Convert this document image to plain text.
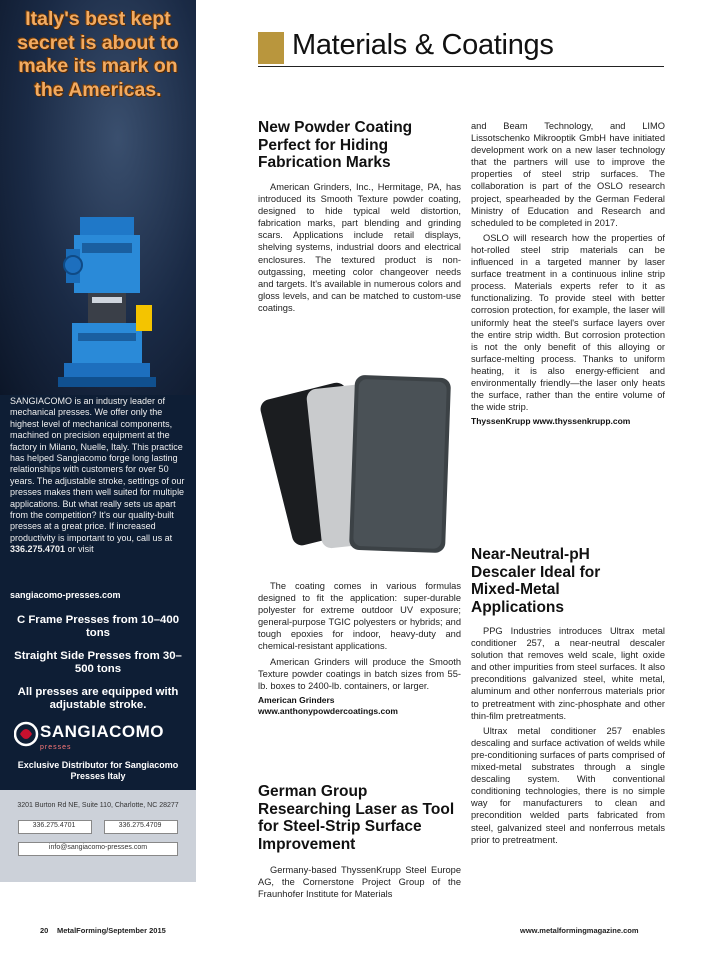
Italy's best kept secret is about to make its mark on the Americas.
SANGIACOMO is an industry leader of mechanical presses. We offer only the highest level of mechanical components, machined on precision equipment at the factory in Milano, Nuelle, Italy. This practice has helped Sangiacomo forge long lasting relationships with customers for over 50 years. The adjustable stroke, settings of our presses makes them well suited for multiple applications. But what really sets us apart from the competition? It's our quality-built presses at a great price. If increased productivity is important to you, call us at 336.275.4701 or visit
sangiacomo-presses.com
C Frame Presses from 10–400 tons
Straight Side Presses from 30–500 tons
All presses are equipped with adjustable stroke.
SANGIACOMO
presses
Exclusive Distributor for Sangiacomo Presses Italy
3201 Burton Rd NE, Suite 110, Charlotte, NC 28277
336.275.4701	336.275.4709
info@sangiacomo-presses.com
Materials & Coatings
New Powder Coating Perfect for Hiding Fabrication Marks

American Grinders, Inc., Hermitage, PA, has introduced its Smooth Texture powder coating, designed to hide typical weld distortion, fabrication marks, part blending and grinding scars. Applications include retail displays, shelving systems, industrial doors and electrical enclosures. The textured product is non-outgassing, meeting color changeover needs and targets. It's available in numerous colors and gloss levels, and can be matched to custom-use coatings.

The coating comes in various formulas designed to fit the application: super-durable polyester for extreme outdoor UV exposure; general-purpose TGIC polyesters or hybrids; and tough epoxies for indoor, heavy-duty and chemical-resistant applications.

American Grinders will produce the Smooth Texture powder coatings in batch sizes from 55-lb. boxes to 2400-lb. containers, or larger.

American Grinders
www.anthonypowdercoatings.com
German Group Researching Laser as Tool for Steel-Strip Surface Improvement

Germany-based ThyssenKrupp Steel Europe AG, the Cornerstone Project Group of the Fraunhofer Institute for Materials

and Beam Technology, and LIMO Lissotschenko Mikrooptik GmbH have initiated development work on a new laser technology that the partners will use to improve the properties of steel strip surfaces. The collaboration is part of the OSLO research project, spearheaded by the German Federal Ministry of Education and Research and scheduled to be completed in 2017.

OSLO will research how the properties of hot-rolled steel strip materials can be influenced in a targeted manner by laser surface treatment in a continuous inline strip process. Materials experts refer to it as functionalizing. To provide steel with better corrosion protection, for example, the laser will uniformly heat the steel's surface layers over the entire strip width. But corrosion protection is not the only benefit of this alloying or surface-melting process. Thanks to uniform heating, it is also energy-efficient and environmentally friendly—the laser only heats the surface, rather than the entire volume of the wide strip.

ThyssenKrupp www.thyssenkrupp.com
Near-Neutral-pH Descaler Ideal for Mixed-Metal Applications

PPG Industries introduces Ultrax metal conditioner 257, a near-neutral descaler solution that removes weld scale, light oxide and other impurities from steel surfaces. It also preconditions galvanized steel, white metal, aluminum and other nonferrous materials prior to pretreatment with zinc-phosphate and other thin-film pretreatments.

Ultrax metal conditioner 257 enables descaling and surface activation of welds while pre-conditioning surfaces of parts comprised of mixed-metal substrates through a single descaling system. With conventional conditioning technologies, there is no simple way for manufacturers to clean and precondition welded parts fabricated from steel, galvanized steel and nonferrous metals prior to pretreatment.

20 MetalForming/September 2015	www.metalformingmagazine.com
